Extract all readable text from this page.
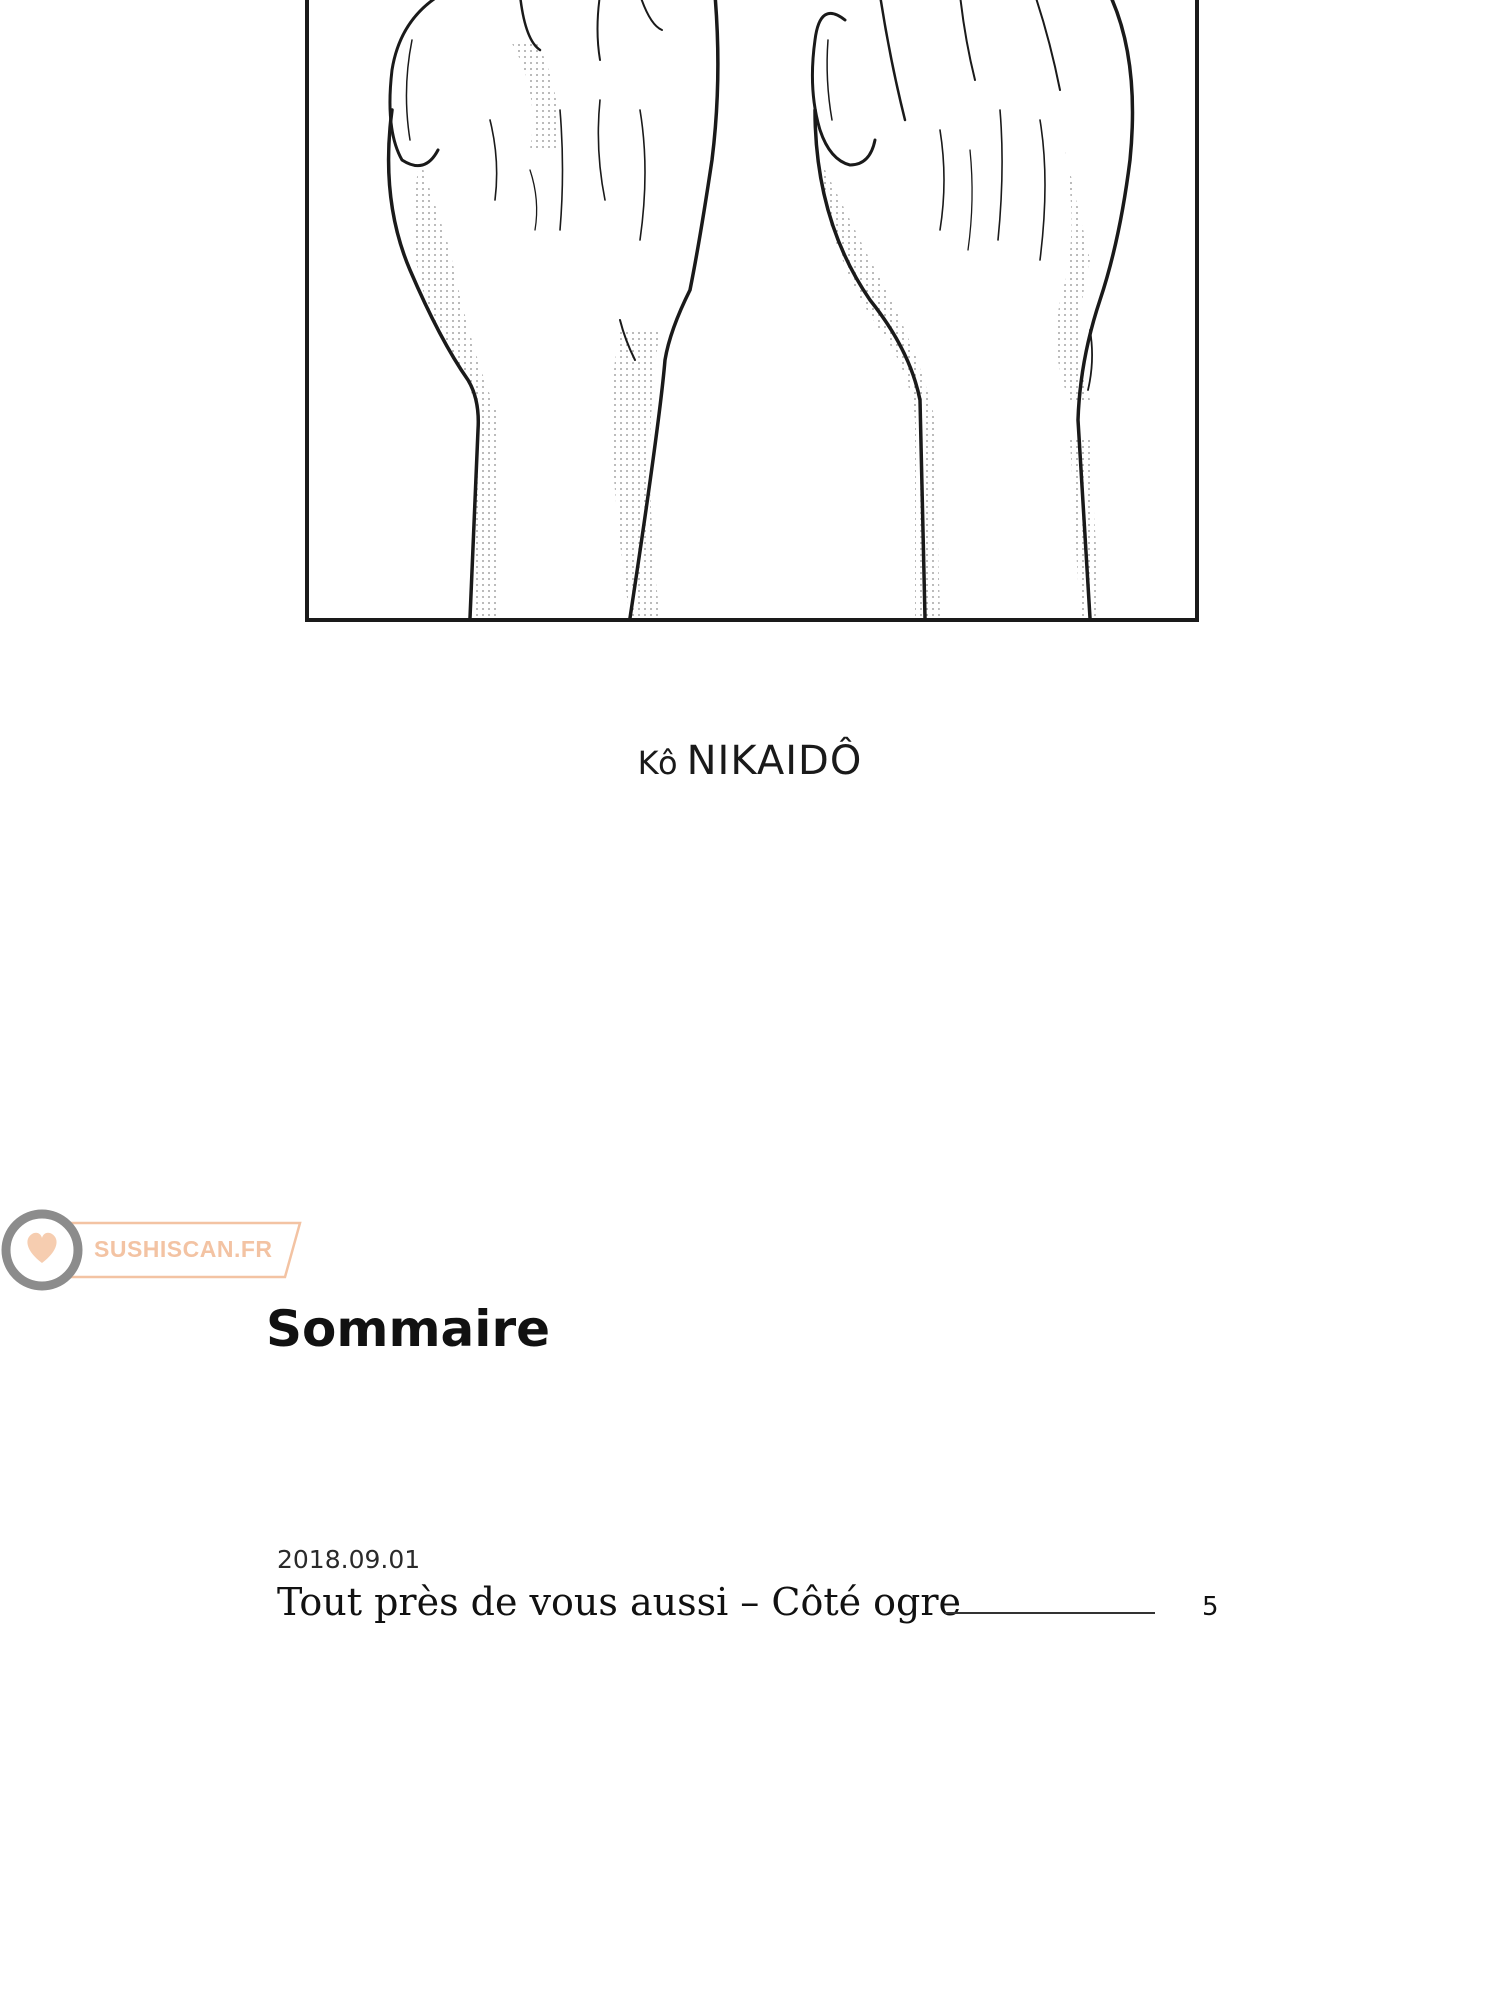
Kô NIKAIDÔ
SUSHISCAN.FR
Sommaire
2018.09.01
Tout près de vous aussi – Côté ogre	5
